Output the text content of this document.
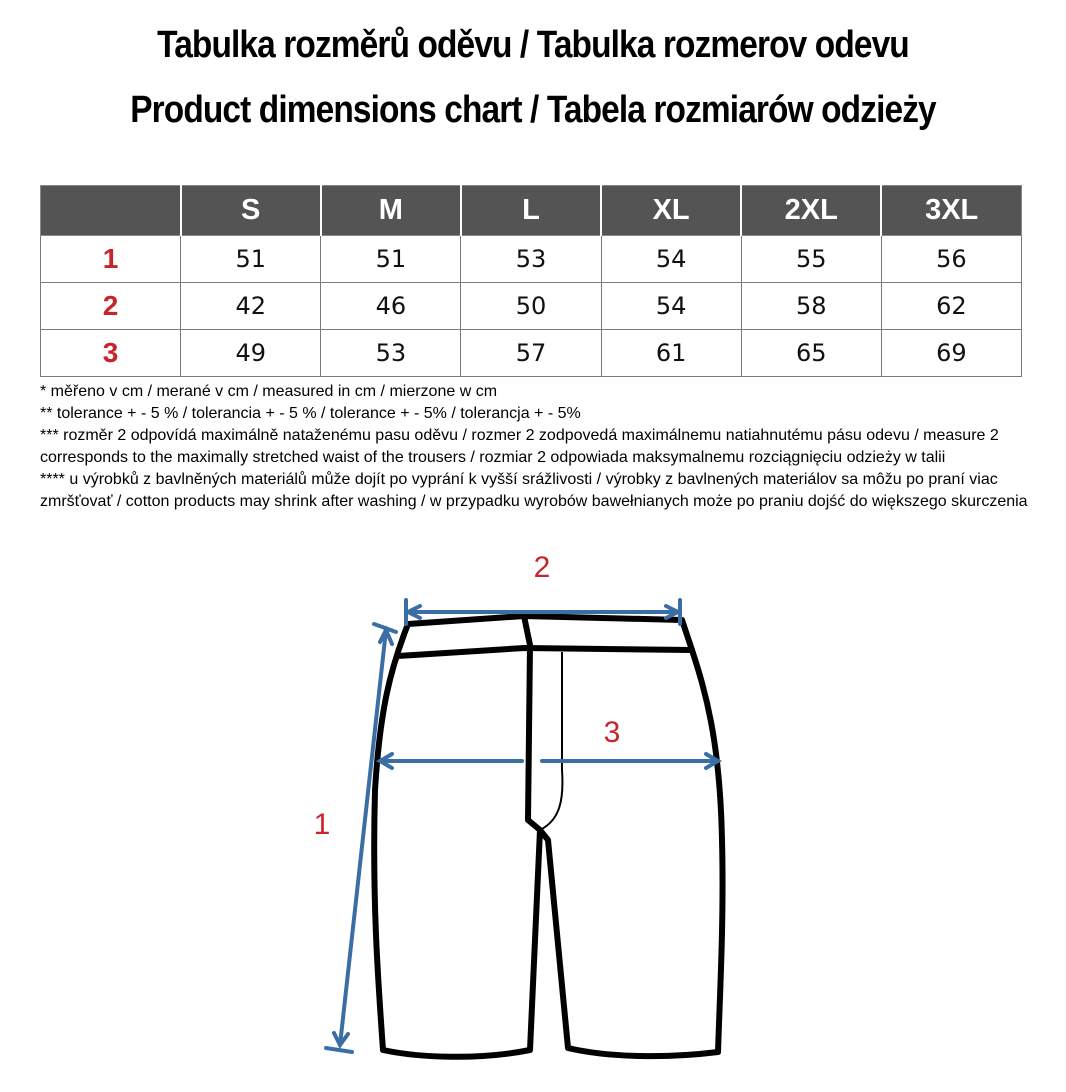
Tabulka rozměrů oděvu / Tabulka rozmerov odevu
Product dimensions chart / Tabela rozmiarów odzieży
	S	M	L	XL	2XL	3XL
1	51	51	53	54	55	56
2	42	46	50	54	58	62
3	49	53	57	61	65	69
* měřeno v cm / merané v cm / measured in cm / mierzone w cm
** tolerance + - 5 % / tolerancia + - 5 % / tolerance + - 5% / tolerancja + - 5%
*** rozměr 2 odpovídá maximálně nataženému pasu oděvu / rozmer 2 zodpovedá maximálnemu natiahnutému pásu odevu / measure 2 corresponds to the maximally stretched waist of the trousers / rozmiar 2 odpowiada maksymalnemu rozciągnięciu odzieży w talii
**** u výrobků z bavlněných materiálů může dojít po vyprání k vyšší srážlivosti / výrobky z bavlnených materiálov sa môžu po praní viac zmršťovať / cotton products may shrink after washing / w przypadku wyrobów bawełnianych może po praniu dojść do większego skurczenia
2
3
1
